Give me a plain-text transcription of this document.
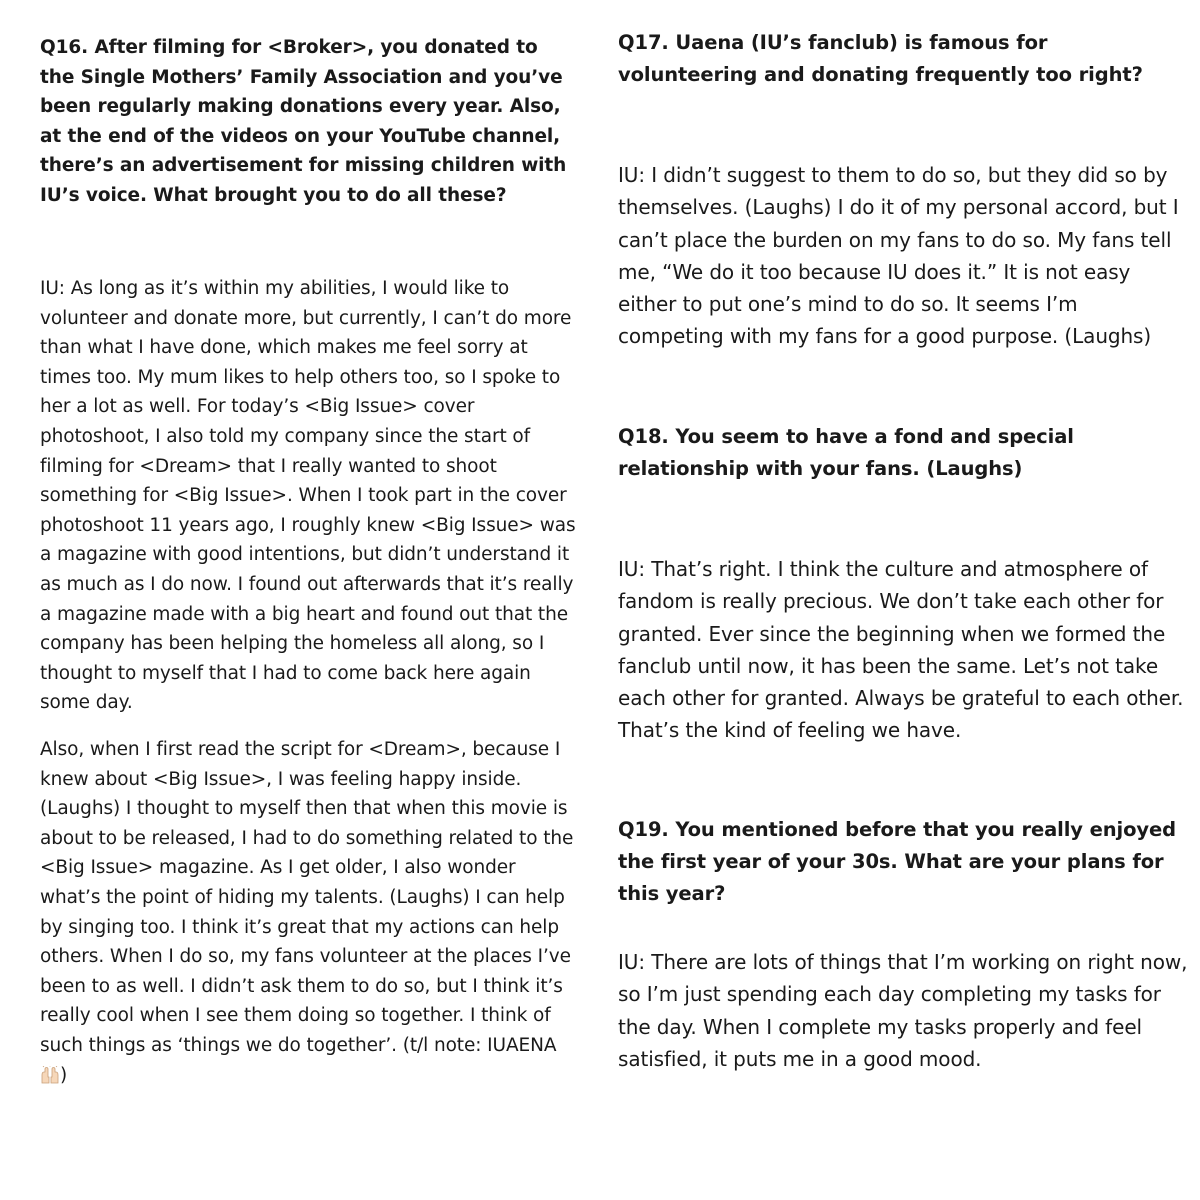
Q16. After filming for <Broker>, you donated to the Single Mothers’ Family Association and you’ve been regularly making donations every year. Also, at the end of the videos on your YouTube channel, there’s an advertisement for missing children with IU’s voice. What brought you to do all these?

IU: As long as it’s within my abilities, I would like to volunteer and donate more, but currently, I can’t do more than what I have done, which makes me feel sorry at times too. My mum likes to help others too, so I spoke to her a lot as well. For today’s <Big Issue> cover photoshoot, I also told my company since the start of filming for <Dream> that I really wanted to shoot something for <Big Issue>. When I took part in the cover photoshoot 11 years ago, I roughly knew <Big Issue> was a magazine with good intentions, but didn’t understand it as much as I do now. I found out afterwards that it’s really a magazine made with a big heart and found out that the company has been helping the homeless all along, so I thought to myself that I had to come back here again some day.

Also, when I first read the script for <Dream>, because I knew about <Big Issue>, I was feeling happy inside. (Laughs) I thought to myself then that when this movie is about to be released, I had to do something related to the <Big Issue> magazine. As I get older, I also wonder what’s the point of hiding my talents. (Laughs) I can help by singing too. I think it’s great that my actions can help others. When I do so, my fans volunteer at the places I’ve been to as well. I didn’t ask them to do so, but I think it’s really cool when I see them doing so together. I think of such things as ‘things we do together’. (t/l note: IUAENA )

Q17. Uaena (IU’s fanclub) is famous for volunteering and donating frequently too right?

IU: I didn’t suggest to them to do so, but they did so by themselves. (Laughs) I do it of my personal accord, but I can’t place the burden on my fans to do so. My fans tell me, “We do it too because IU does it.” It is not easy either to put one’s mind to do so. It seems I’m competing with my fans for a good purpose. (Laughs)

Q18. You seem to have a fond and special relationship with your fans. (Laughs)

IU: That’s right. I think the culture and atmosphere of fandom is really precious. We don’t take each other for granted. Ever since the beginning when we formed the fanclub until now, it has been the same. Let’s not take each other for granted. Always be grateful to each other. That’s the kind of feeling we have.

Q19. You mentioned before that you really enjoyed the first year of your 30s. What are your plans for this year?

IU: There are lots of things that I’m working on right now, so I’m just spending each day completing my tasks for the day. When I complete my tasks properly and feel satisfied, it puts me in a good mood.
